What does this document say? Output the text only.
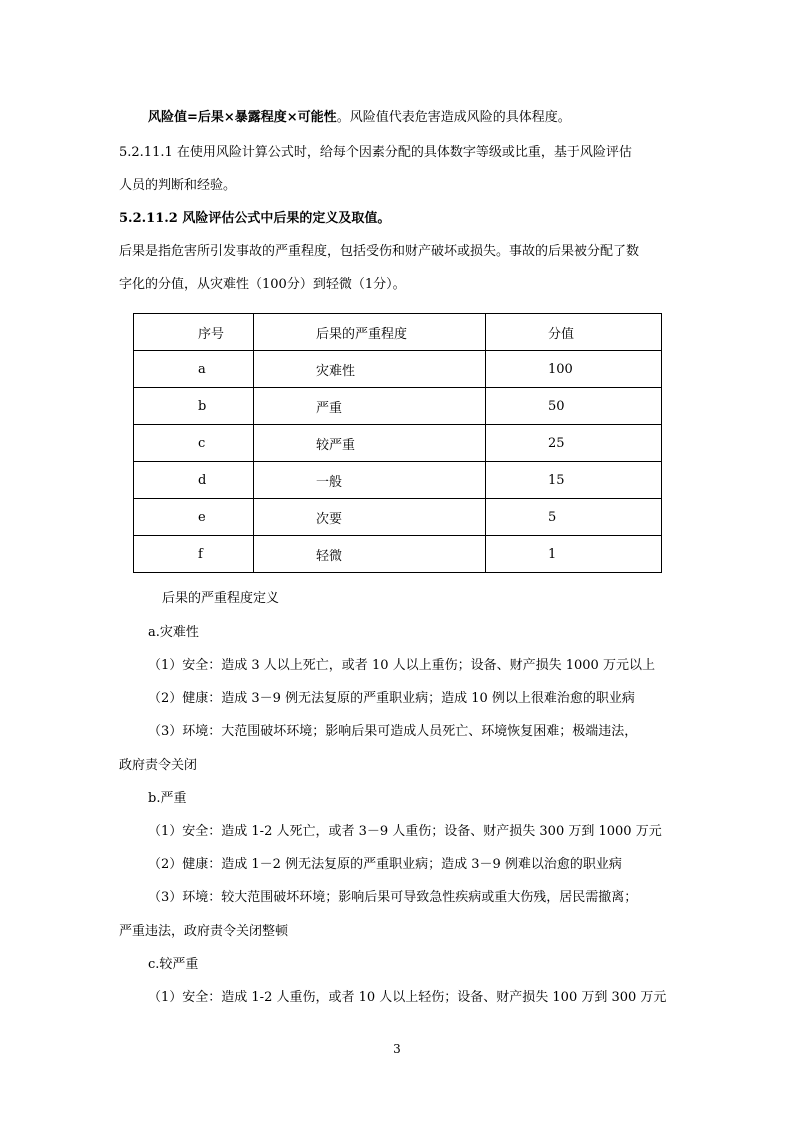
风险值=后果×暴露程度×可能性。风险值代表危害造成风险的具体程度。
5.2.11.1 在使用风险计算公式时，给每个因素分配的具体数字等级或比重，基于风险评估
人员的判断和经验。
5.2.11.2 风险评估公式中后果的定义及取值。
后果是指危害所引发事故的严重程度，包括受伤和财产破坏或损失。事故的后果被分配了数
字化的分值，从灾难性（100分）到轻微（1分）。
序号	后果的严重程度	分值
a	灾难性	100
b	严重	50
c	较严重	25
d	一般	15
e	次要	5
f	轻微	1
后果的严重程度定义
a.灾难性
（1）安全：造成 3 人以上死亡，或者 10 人以上重伤；设备、财产损失 1000 万元以上
（2）健康：造成 3－9 例无法复原的严重职业病；造成 10 例以上很难治愈的职业病
（3）环境：大范围破坏环境；影响后果可造成人员死亡、环境恢复困难；极端违法，
政府责令关闭
b.严重
（1）安全：造成 1-2 人死亡，或者 3－9 人重伤；设备、财产损失 300 万到 1000 万元
（2）健康：造成 1－2 例无法复原的严重职业病；造成 3－9 例难以治愈的职业病
（3）环境：较大范围破坏环境；影响后果可导致急性疾病或重大伤残，居民需撤离；
严重违法，政府责令关闭整顿
c.较严重
（1）安全：造成 1-2 人重伤，或者 10 人以上轻伤；设备、财产损失 100 万到 300 万元
3
